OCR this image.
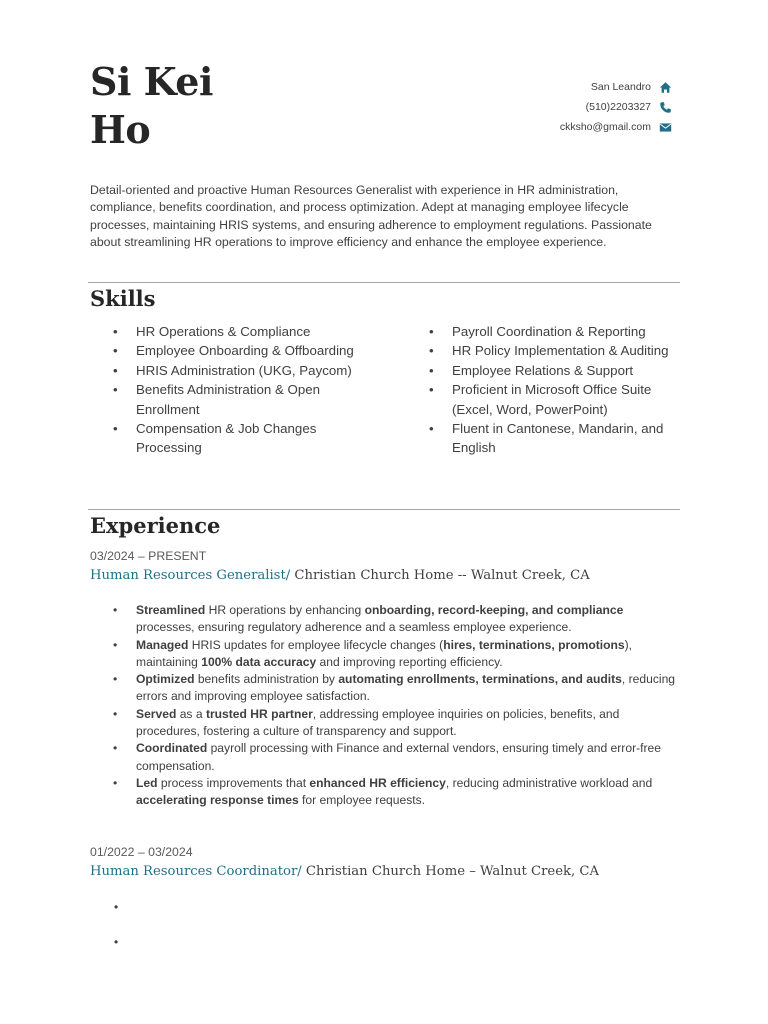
Si Kei
Ho
San Leandro
(510)2203327
ckksho@gmail.com
Detail-oriented and proactive Human Resources Generalist with experience in HR administration, compliance, benefits coordination, and process optimization. Adept at managing employee lifecycle processes, maintaining HRIS systems, and ensuring adherence to employment regulations. Passionate about streamlining HR operations to improve efficiency and enhance the employee experience.
Skills
• HR Operations & Compliance
• Employee Onboarding & Offboarding
• HRIS Administration (UKG, Paycom)
• Benefits Administration & Open Enrollment
• Compensation & Job Changes Processing
• Payroll Coordination & Reporting
• HR Policy Implementation & Auditing
• Employee Relations & Support
• Proficient in Microsoft Office Suite (Excel, Word, PowerPoint)
• Fluent in Cantonese, Mandarin, and English
Experience
03/2024 – PRESENT
Human Resources Generalist/ Christian Church Home -- Walnut Creek, CA
• Streamlined HR operations by enhancing onboarding, record-keeping, and compliance processes, ensuring regulatory adherence and a seamless employee experience.
• Managed HRIS updates for employee lifecycle changes (hires, terminations, promotions), maintaining 100% data accuracy and improving reporting efficiency.
• Optimized benefits administration by automating enrollments, terminations, and audits, reducing errors and improving employee satisfaction.
• Served as a trusted HR partner, addressing employee inquiries on policies, benefits, and procedures, fostering a culture of transparency and support.
• Coordinated payroll processing with Finance and external vendors, ensuring timely and error-free compensation.
• Led process improvements that enhanced HR efficiency, reducing administrative workload and accelerating response times for employee requests.
01/2022 – 03/2024
Human Resources Coordinator/ Christian Church Home – Walnut Creek, CA
•
•
